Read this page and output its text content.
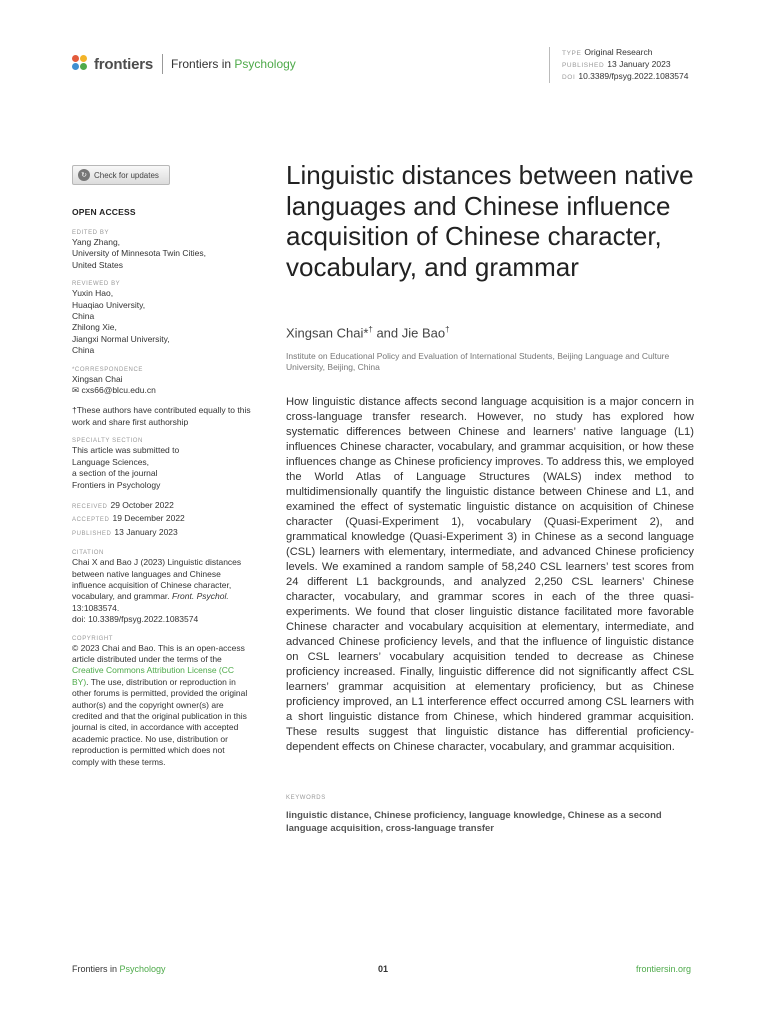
frontiers Frontiers in Psychology
TYPE Original Research
PUBLISHED 13 January 2023
DOI 10.3389/fpsyg.2022.1083574
↻ Check for updates
OPEN ACCESS
EDITED BY
Yang Zhang,
University of Minnesota Twin Cities,
United States
REVIEWED BY
Yuxin Hao,
Huaqiao University,
China
Zhilong Xie,
Jiangxi Normal University,
China
*CORRESPONDENCE
Xingsan Chai
✉ cxs66@blcu.edu.cn
†These authors have contributed equally to this work and share first authorship
SPECIALTY SECTION
This article was submitted to
Language Sciences,
a section of the journal
Frontiers in Psychology
RECEIVED 29 October 2022
ACCEPTED 19 December 2022
PUBLISHED 13 January 2023
CITATION
Chai X and Bao J (2023) Linguistic distances between native languages and Chinese influence acquisition of Chinese character, vocabulary, and grammar. Front. Psychol. 13:1083574.
doi: 10.3389/fpsyg.2022.1083574
COPYRIGHT
© 2023 Chai and Bao. This is an open-access article distributed under the terms of the Creative Commons Attribution License (CC BY). The use, distribution or reproduction in other forums is permitted, provided the original author(s) and the copyright owner(s) are credited and that the original publication in this journal is cited, in accordance with accepted academic practice. No use, distribution or reproduction is permitted which does not comply with these terms.
Linguistic distances between native languages and Chinese influence acquisition of Chinese character, vocabulary, and grammar
Xingsan Chai*† and Jie Bao†
Institute on Educational Policy and Evaluation of International Students, Beijing Language and Culture University, Beijing, China

How linguistic distance affects second language acquisition is a major concern in cross-language transfer research. However, no study has explored how systematic differences between Chinese and learners’ native language (L1) influences Chinese character, vocabulary, and grammar acquisition, or how these influences change as Chinese proficiency improves. To address this, we employed the World Atlas of Language Structures (WALS) index method to multidimensionally quantify the linguistic distance between Chinese and L1, and examined the effect of systematic linguistic distance on acquisition of Chinese character (Quasi-Experiment 1), vocabulary (Quasi-Experiment 2), and grammatical knowledge (Quasi-Experiment 3) in Chinese as a second language (CSL) learners with elementary, intermediate, and advanced Chinese proficiency levels. We examined a random sample of 58,240 CSL learners’ test scores from 24 different L1 backgrounds, and analyzed 2,250 CSL learners’ Chinese character, vocabulary, and grammar scores in each of the three quasi-experiments. We found that closer linguistic distance facilitated more favorable Chinese character and vocabulary acquisition at elementary, intermediate, and advanced Chinese proficiency levels, and that the influence of linguistic distance on CSL learners’ vocabulary acquisition tended to decrease as Chinese proficiency increased. Finally, linguistic difference did not significantly affect CSL learners’ grammar acquisition at elementary proficiency, but as Chinese proficiency improved, an L1 interference effect occurred among CSL learners with a short linguistic distance from Chinese, which hindered grammar acquisition. These results suggest that linguistic distance has differential proficiency-dependent effects on Chinese character, vocabulary, and grammar acquisition.

KEYWORDS
linguistic distance, Chinese proficiency, language knowledge, Chinese as a second language acquisition, cross-language transfer
Frontiers in Psychology	01	frontiersin.org
